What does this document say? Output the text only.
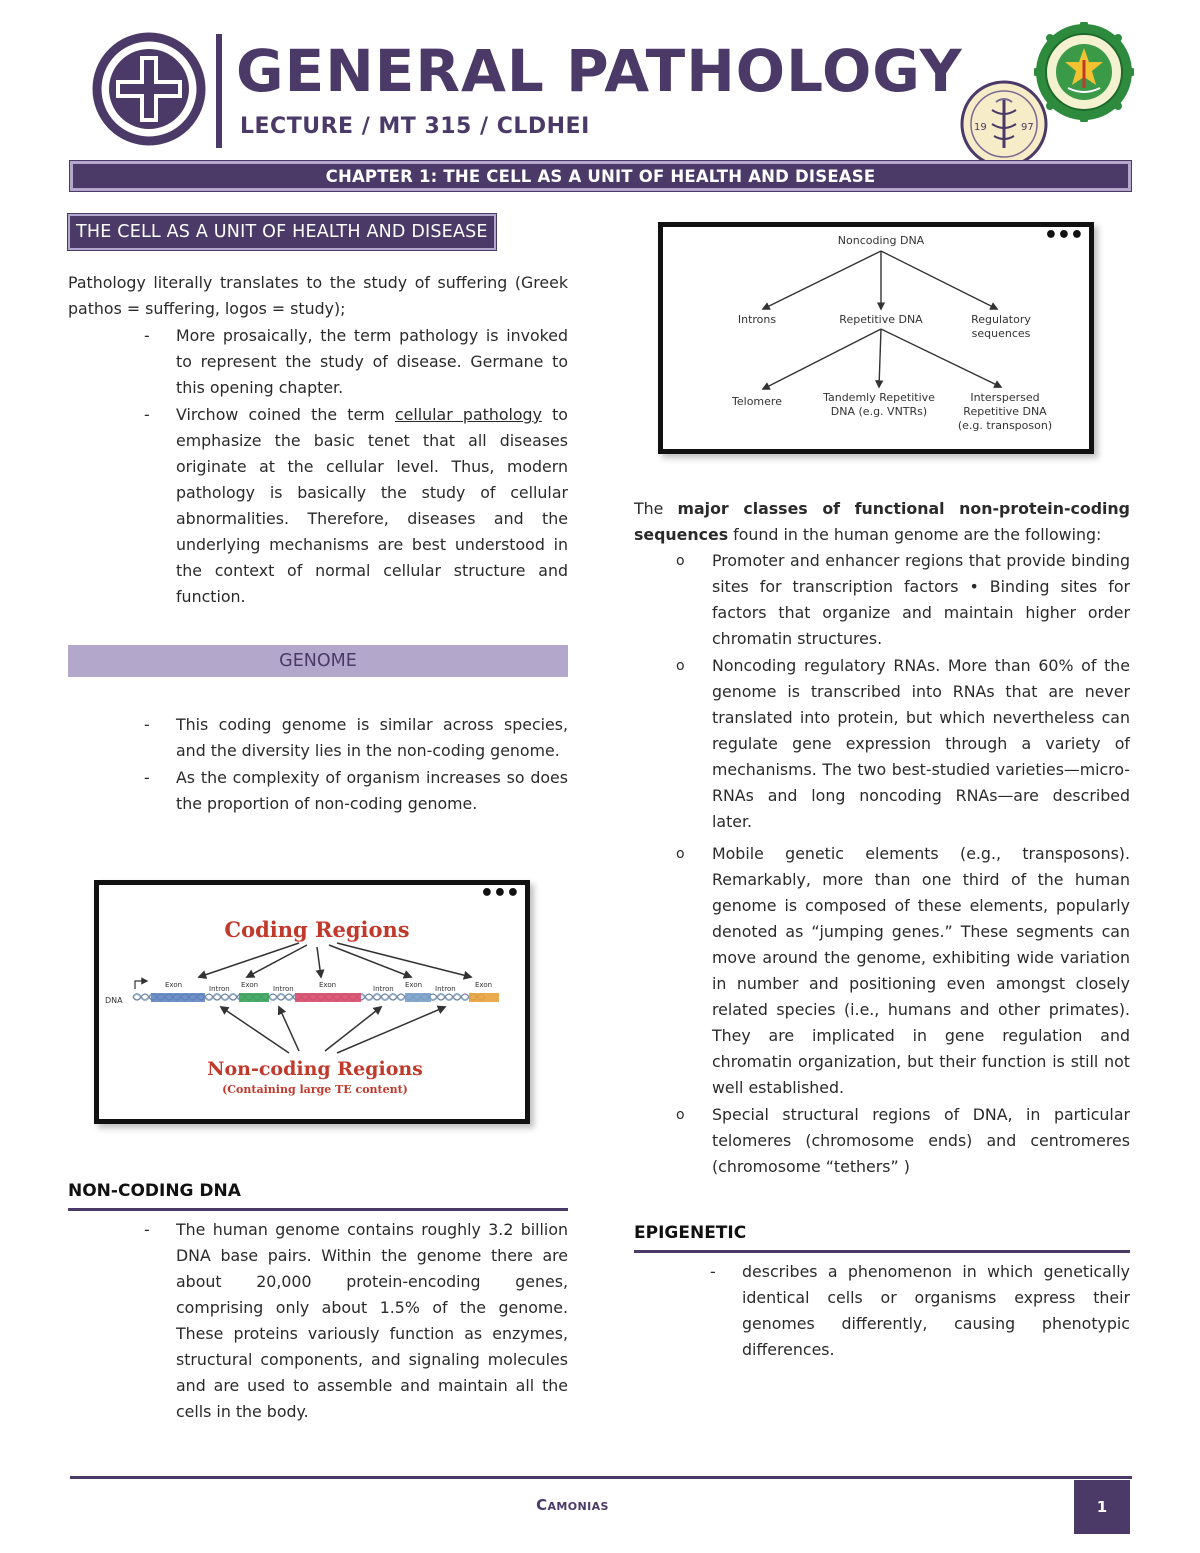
GENERAL PATHOLOGY
LECTURE / MT 315 / CLDHEI	19	97
CHAPTER 1: THE CELL AS A UNIT OF HEALTH AND DISEASE
THE CELL AS A UNIT OF HEALTH AND DISEASE

Pathology literally translates to the study of suffering (Greek pathos = suffering, logos = study);

- More prosaically, the term pathology is invoked to represent the study of disease. Germane to this opening chapter.
- Virchow coined the term cellular pathology to emphasize the basic tenet that all diseases originate at the cellular level. Thus, modern pathology is basically the study of cellular abnormalities. Therefore, diseases and the underlying mechanisms are best understood in the context of normal cellular structure and function.
GENOME
- This coding genome is similar across species, and the diversity lies in the non-coding genome.
- As the complexity of organism increases so does the proportion of non-coding genome.
•••
Coding Regions
DNA
Exon	Intron Exon Intron	Exon	Intron Exon Intron	Exon
Non-coding Regions
(Containing large TE content)
NON-CODING DNA
- The human genome contains roughly 3.2 billion DNA base pairs. Within the genome there are about 20,000 protein-encoding genes, comprising only about 1.5% of the genome. These proteins variously function as enzymes, structural components, and signaling molecules and are used to assemble and maintain all the cells in the body.
•••
Noncoding DNA
Introns	Repetitive DNA	Regulatory
sequences
Telomere	Tandemly Repetitive
DNA (e.g. VNTRs)
Interspersed
Repetitive DNA
(e.g. transposon)

The major classes of functional non-protein-coding sequences found in the human genome are the following:

o Promoter and enhancer regions that provide binding sites for transcription factors • Binding sites for factors that organize and maintain higher order chromatin structures.
o Noncoding regulatory RNAs. More than 60% of the genome is transcribed into RNAs that are never translated into protein, but which nevertheless can regulate gene expression through a variety of mechanisms. The two best-studied varieties—micro-RNAs and long noncoding RNAs—are described later.
o Mobile genetic elements (e.g., transposons). Remarkably, more than one third of the human genome is composed of these elements, popularly denoted as “jumping genes.” These segments can move around the genome, exhibiting wide variation in number and positioning even amongst closely related species (i.e., humans and other primates). They are implicated in gene regulation and chromatin organization, but their function is still not well established.
o Special structural regions of DNA, in particular telomeres (chromosome ends) and centromeres (chromosome “tethers” )
EPIGENETIC
- describes a phenomenon in which genetically identical cells or organisms express their genomes differently, causing phenotypic differences.
Camonias	1
